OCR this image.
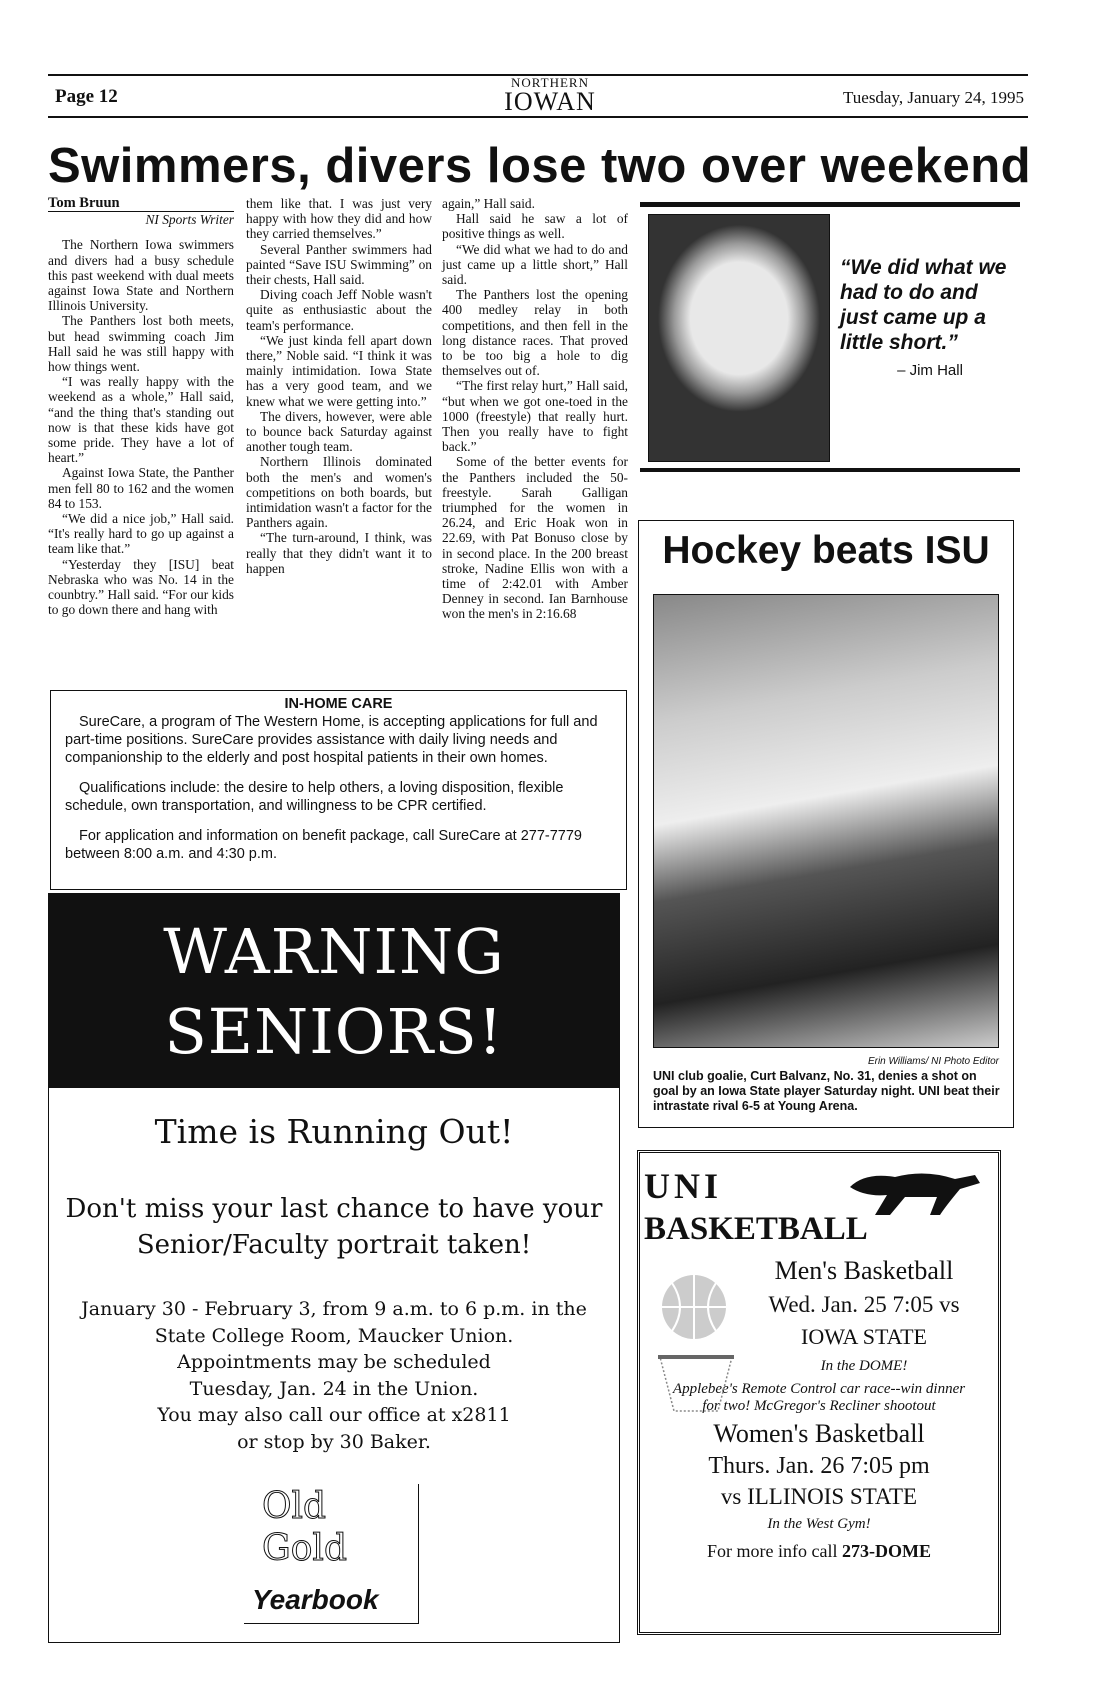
Page 12
NORTHERN
IOWAN	Tuesday, January 24, 1995
Swimmers, divers lose two over weekend

Tom Bruun

NI Sports Writer

The Northern Iowa swimmers and divers had a busy schedule this past weekend with dual meets against Iowa State and Northern Illinois University.

The Panthers lost both meets, but head swimming coach Jim Hall said he was still happy with how things went.

“I was really happy with the weekend as a whole,” Hall said, “and the thing that's standing out now is that these kids have got some pride. They have a lot of heart.”

Against Iowa State, the Panther men fell 80 to 162 and the women 84 to 153.

“We did a nice job,” Hall said. “It's really hard to go up against a team like that.”

“Yesterday they [ISU] beat Nebraska who was No. 14 in the counbtry.” Hall said. “For our kids to go down there and hang with

them like that. I was just very happy with how they did and how they carried themselves.”

Several Panther swimmers had painted “Save ISU Swimming” on their chests, Hall said.

Diving coach Jeff Noble wasn't quite as enthusiastic about the team's performance.

“We just kinda fell apart down there,” Noble said. “I think it was mainly intimidation. Iowa State has a very good team, and we knew what we were getting into.”

The divers, however, were able to bounce back Saturday against another tough team.

Northern Illinois dominated both the men's and women's competitions on both boards, but intimidation wasn't a factor for the Panthers again.

“The turn-around, I think, was really that they didn't want it to happen

again,” Hall said.

Hall said he saw a lot of positive things as well.

“We did what we had to do and just came up a little short,” Hall said.

The Panthers lost the opening 400 medley relay in both competitions, and then fell in the long distance races. That proved to be too big a hole to dig themselves out of.

“The first relay hurt,” Hall said, “but when we got one-toed in the 1000 (freestyle) that really hurt. Then you really have to fight back.”

Some of the better events for the Panthers included the 50-freestyle. Sarah Galligan triumphed for the women in 26.24, and Eric Hoak won in 22.69, with Pat Bonuso close by in second place. In the 200 breast stroke, Nadine Ellis won with a time of 2:42.01 with Amber Denney in second. Ian Barnhouse won the men's in 2:16.68

“We did what we had to do and just came up a little short.”
– Jim Hall
Hockey beats ISU
Erin Williams/ NI Photo Editor
UNI club goalie, Curt Balvanz, No. 31, denies a shot on goal by an Iowa State player Saturday night. UNI beat their intrastate rival 6-5 at Young Arena.
IN-HOME CARE

SureCare, a program of The Western Home, is accepting applications for full and part-time positions. SureCare provides assistance with daily living needs and companionship to the elderly and post hospital patients in their own homes.

Qualifications include: the desire to help others, a loving disposition, flexible schedule, own transportation, and willingness to be CPR certified.

For application and information on benefit package, call SureCare at 277-7779 between 8:00 a.m. and 4:30 p.m.

WARNING
SENIORS!
Time is Running Out!
Don't miss your last chance to have your
Senior/Faculty portrait taken!
January 30 - February 3, from 9 a.m. to 6 p.m. in the
State College Room, Maucker Union.
Appointments may be scheduled
Tuesday, Jan. 24 in the Union.
You may also call our office at x2811
or stop by 30 Baker.
Old
Gold
Yearbook
UNI
BASKETBALL
Men's Basketball
Wed. Jan. 25 7:05 vs
IOWA STATE
In the DOME!
Applebee's Remote Control car race--win dinner
for two! McGregor's Recliner shootout
Women's Basketball
Thurs. Jan. 26 7:05 pm
vs ILLINOIS STATE
In the West Gym!
For more info call 273-DOME
